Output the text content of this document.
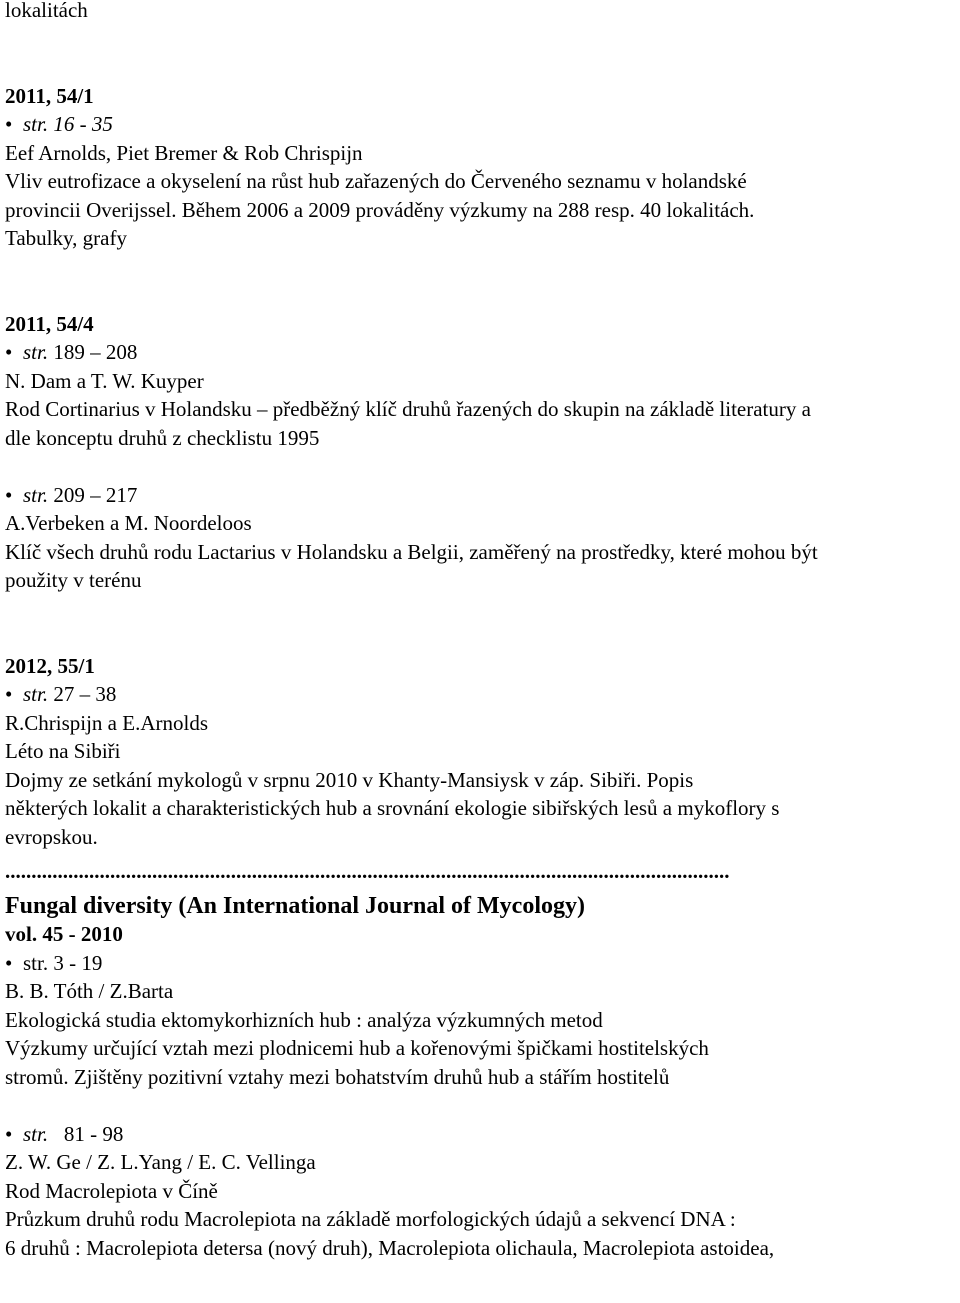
lokalitách
2011, 54/1
• str. 16 - 35
Eef Arnolds, Piet Bremer & Rob Chrispijn
Vliv eutrofizace a okyselení na růst hub zařazených do Červeného seznamu v holandské
provincii Overijssel. Během 2006 a 2009 prováděny výzkumy na 288 resp. 40 lokalitách.
Tabulky, grafy
2011, 54/4
• str. 189 – 208
N. Dam a T. W. Kuyper
Rod Cortinarius v Holandsku – předběžný klíč druhů řazených do skupin na základě literatury a
dle konceptu druhů z checklistu 1995
• str. 209 – 217
A.Verbeken a M. Noordeloos
Klíč všech druhů rodu Lactarius v Holandsku a Belgii, zaměřený na prostředky, které mohou být
použity v terénu
2012, 55/1
• str. 27 – 38
R.Chrispijn a E.Arnolds
Léto na Sibiři
Dojmy ze setkání mykologů v srpnu 2010 v Khanty-Mansiysk v záp. Sibiři. Popis
některých lokalit a charakteristických hub a srovnání ekologie sibiřských lesů a mykoflory s
evropskou.
..........................................................................................................................................
Fungal diversity (An International Journal of Mycology)
vol. 45 - 2010
• str. 3 - 19
B. B. Tóth / Z.Barta
Ekologická studia ektomykorhizních hub : analýza výzkumných metod
Výzkumy určující vztah mezi plodnicemi hub a kořenovými špičkami hostitelských
stromů. Zjištěny pozitivní vztahy mezi bohatstvím druhů hub a stářím hostitelů
• str. 81 - 98
Z. W. Ge / Z. L.Yang / E. C. Vellinga
Rod Macrolepiota v Číně
Průzkum druhů rodu Macrolepiota na základě morfologických údajů a sekvencí DNA :
6 druhů : Macrolepiota detersa (nový druh), Macrolepiota olichaula, Macrolepiota astoidea,
